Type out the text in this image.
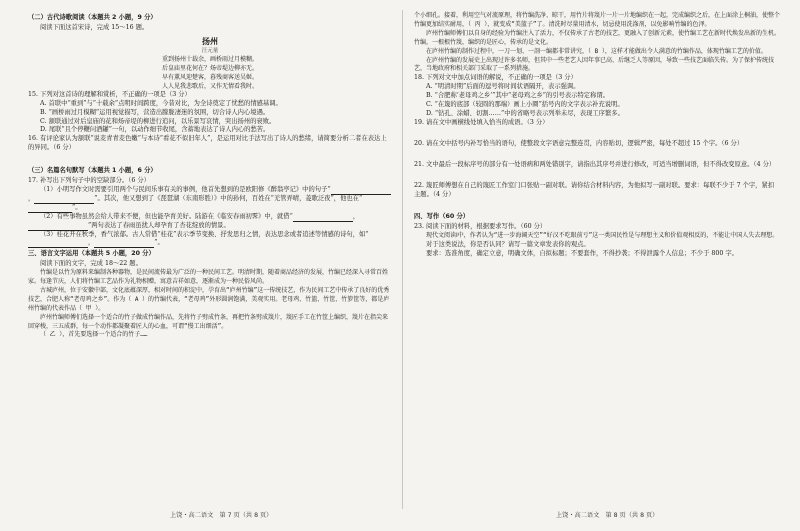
（二）古代诗歌阅读（本题共 2 小题，9 分）

阅读下面这首宋诗，完成 15～16 题。

扬州
汪元量
重到扬州十载余，画桥雨过月模糊。
后皇庙里花何在？炀帝堤边柳亦无。
早有薰风迎楚客，暮残商客送吴姬。
人人见我悲歌后，又作无情看我时。

15. 下列对这首诗的理解和赏析，不正确的一项是（3 分）

A. 首联中“重到”与“十载余”点明时间跨度，今昔对比，为全诗奠定了忧愁的情感基调。

B. “画桥雨过月模糊”运用视觉描写，营造出朦胧凄迷的氛围，切合诗人内心境遇。

C. 颔联通过对后皇庙的花和炀帝堤的柳进行追问，以乐景写哀情，突出扬州的衰败。

D. 尾联“且个停鞭问酒罐”一句，以动作细节收尾，含蓄地表达了诗人内心的愁苦。

16. 有评论家认为颔联“说麦青青麦色嫩”与本诗“看花不似旧年人”，是运用对比手法写出了诗人的愁绪，请简要分析二者在表达上的异同。（6 分）

（三）名篇名句默写（本题共 1 小题，6 分）

17. 补写出下列句子中的空缺部分。（6 分）

（1）小明写作文时需要引用两个与民间乐事有关的事例，他首先想到的是欧阳修《醉翁亭记》中的句子“，	”。其次，他又想到了《琵琶湖（东南形胜）》中的孙何，百姓在“羌管弄晴，菱歌泛夜”，他也在“”。

（2）有些事物虽然会给人带来不便，但也能孕育美好。陆游在《临安春雨初霁》中，就借“	，”两句表达了春雨虽扰人却孕育了杏花绽放的情景。

（3）桂花开在秋季，香气浓郁。古人常借“桂花”表示季节变换、抒发思归之情，表达思念或者追述等情感的诗句，如“，	”。

三、语言文字运用（本题共 5 小题，20 分）

阅读下面的文字，完成 18～22 题。

竹编是以竹为原料来编制各种器物，是民间流传最为广泛的一种民间工艺。明清时期，随着商品经济的发展，竹编已经深入寻常百姓家。每逢节庆，人们将竹编工艺品作为礼物相赠，寓意吉祥如意，逐渐成为一种民俗风尚。

古城庐州，位于安徽中部，文化底蕴深厚，相对时间的积淀中，孕育出“庐州竹编”这一传统技艺，作为民间工艺中传承了良好的优秀技艺，合肥人称“老母鸡之乡”。作为（ A ）的竹编代表，“老母鸡”外形圆润饱满，美观实用。老母鸡、竹篮、竹筐、竹箩筐等，都是庐州竹编的代表作品（ 甲 ）。

庐州竹编师傅们选择一个适合的竹子做成竹编作品，先将竹子劈成竹条，再把竹条劈成篾片，篾匠手工在竹筐上编织，篾片在指尖来回穿梭，三五成群，每一个动作都凝聚着匠人的心血，可谓“慢工出细活”。

（ 乙 ），首先要选择一个适合的竹子……

个小细孔。接着，利用空气对流原理，将竹编洗净、晾干，用竹片将篾片一片一片地编织在一起，完成编织之后，在上面涂上桐油，使整个竹编更加结实耐用，（ 丙 ），就变成“美篮子”了。清洗时尽量用清水，切忌使用洗涤剂，以免影响竹编的色泽。

庐州竹编师傅们以自身的经验为竹编注入了活力，不仅传承了古老的技艺，更融入了创新元素，使竹编工艺在新时代焕发出新的生机。竹编，一根根竹篾，编织的是匠心，传承的是文化。

在庐州竹编的制作过程中，一刀一划、一剖一编都非常讲究，（ B ），这样才能做出令人满意的竹编作品，体现竹编工艺的价值。

在庐州竹编的发展史上出现过许多名师，但其中一些老艺人因年事已高、后继乏人等原因，导致一些技艺面临失传。为了保护传统技艺，当地政府和相关部门采取了一系列措施。

18. 下列对文中加点词语的解说，不正确的一项是（3 分）

A. “明清时期”后面的逗号将时间状语隔开，表示强调。

B. “合肥称‘老母鸡之乡’”其中“老母鸡之乡”的引号表示特定称谓。

C. “在篾的底部（较圆的那端）画上小圈”括号内的文字表示补充说明。

D. “钻孔、涂蜡、切割……”中的省略号表示列举未尽，表现工序繁多。

19. 请在文中画横线处填入恰当的成语。（3 分）

20. 请在文中括号内补写恰当的语句，使整段文字语意完整连贯，内容贴切，逻辑严密，每处不超过 15 个字。（6 分）

21. 文中最后一段标序号的部分有一处语病和两处错别字，请指出其序号并进行修改，可适当增删词语，但不得改变原意。（4 分）

22. 篾匠师傅想在自己的篾匠工作室门口张贴一副对联。请你结合材料内容，为他拟写一副对联。要求：每联不少于 7 个字，紧扣主题。（4 分）

四、写作（60 分）

23. 阅读下面的材料，根据要求写作。（60 分）

现代文阅读Ⅰ中，作者认为“进一步海阔天空”“好汉不吃眼前亏”这一类国民性是与理想主义和价值观相反的，不能让中国人失去理想。

对于这类说法，你是否认同？请写一篇文章发表你的观点。

要求：选准角度，确定立意，明确文体，自拟标题；不要套作，不得抄袭；不得泄露个人信息；不少于 800 字。

上饶・高二语文　第 7 页（共 8 页）	上饶・高二语文　第 8 页（共 8 页）
